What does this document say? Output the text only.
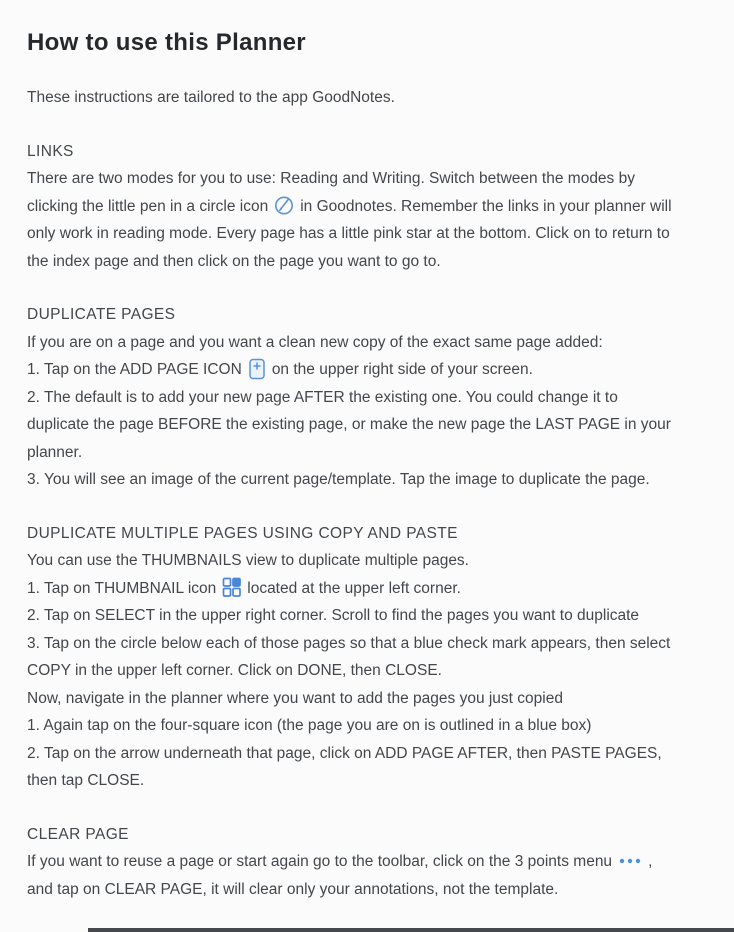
How to use this Planner
These instructions are tailored to the app GoodNotes.
LINKS
There are two modes for you to use: Reading and Writing. Switch between the modes by
clicking the little pen in a circle icon in Goodnotes. Remember the links in your planner will
only work in reading mode. Every page has a little pink star at the bottom. Click on to return to
the index page and then click on the page you want to go to.
DUPLICATE PAGES
If you are on a page and you want a clean new copy of the exact same page added:
1. Tap on the ADD PAGE ICON on the upper right side of your screen.
2. The default is to add your new page AFTER the existing one. You could change it to
duplicate the page BEFORE the existing page, or make the new page the LAST PAGE in your
planner.
3. You will see an image of the current page/template. Tap the image to duplicate the page.
DUPLICATE MULTIPLE PAGES USING COPY AND PASTE
You can use the THUMBNAILS view to duplicate multiple pages.
1. Tap on THUMBNAIL icon located at the upper left corner.
2. Tap on SELECT in the upper right corner. Scroll to find the pages you want to duplicate
3. Tap on the circle below each of those pages so that a blue check mark appears, then select
COPY in the upper left corner. Click on DONE, then CLOSE.
Now, navigate in the planner where you want to add the pages you just copied
1. Again tap on the four-square icon (the page you are on is outlined in a blue box)
2. Tap on the arrow underneath that page, click on ADD PAGE AFTER, then PASTE PAGES,
then tap CLOSE.
CLEAR PAGE
If you want to reuse a page or start again go to the toolbar, click on the 3 points menu ,
and tap on CLEAR PAGE, it will clear only your annotations, not the template.
